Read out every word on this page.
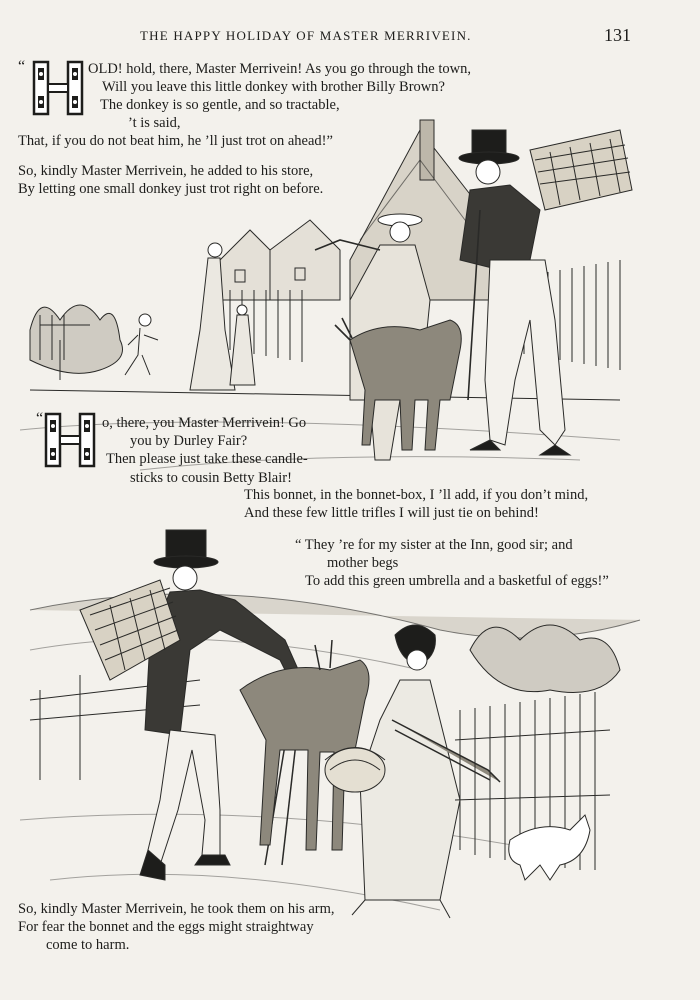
THE HAPPY HOLIDAY OF MASTER MERRIVEIN.	131
“	OLD! hold, there, Master Merrivein! As you go through the town,
Will you leave this little donkey with brother Billy Brown?
The donkey is so gentle, and so tractable,
’t is said,
That, if you do not beat him, he ’ll just trot on ahead!”
So, kindly Master Merrivein, he added to his store,
By letting one small donkey just trot right on before.
“	o, there, you Master Merrivein! Go
you by Durley Fair?
Then please just take these candle-
sticks to cousin Betty Blair!
This bonnet, in the bonnet-box, I ’ll add, if you don’t mind,
And these few little trifles I will just tie on behind!
“ They ’re for my sister at the Inn, good sir; and
mother begs
To add this green umbrella and a basketful of eggs!”
So, kindly Master Merrivein, he took them on his arm,
For fear the bonnet and the eggs might straightway
come to harm.
